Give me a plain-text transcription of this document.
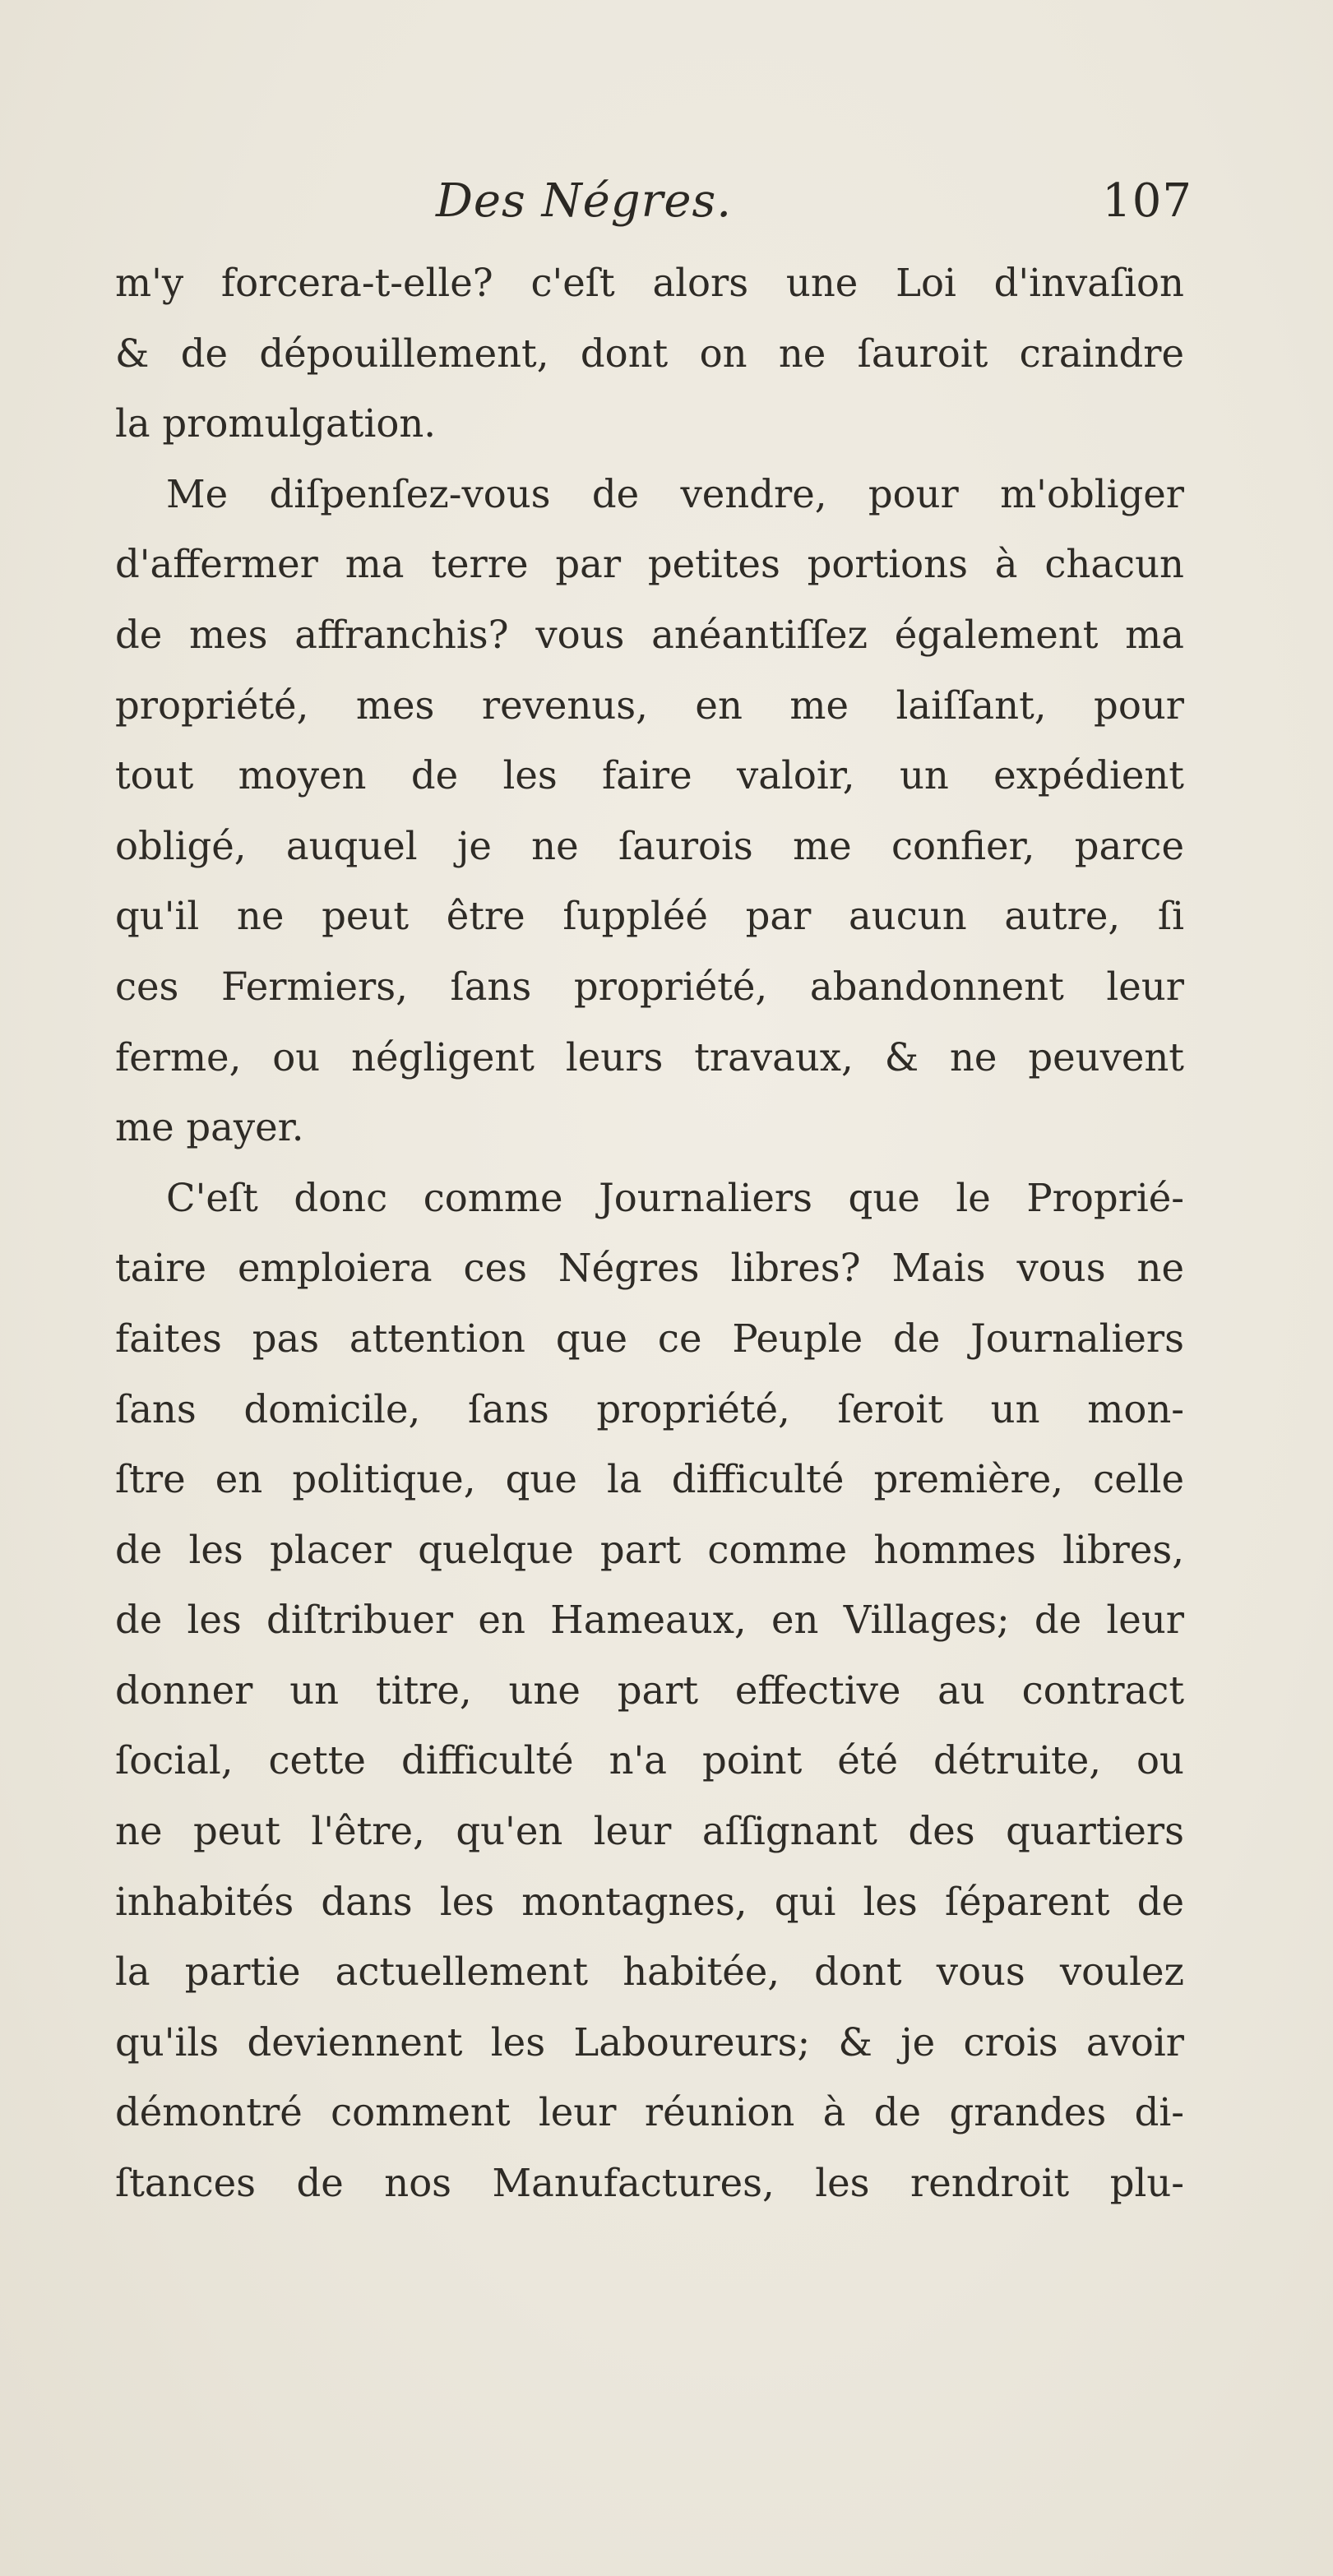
Des Négres.	107
m'y forcera-t-elle? c'eſt alors une Loi d'invaſion
& de dépouillement, dont on ne ſauroit craindre
la promulgation.
Me diſpenſez-vous de vendre, pour m'obliger
d'affermer ma terre par petites portions à chacun
de mes affranchis? vous anéantiſſez également ma
propriété, mes revenus, en me laiſſant, pour
tout moyen de les faire valoir, un expédient
obligé, auquel je ne ſaurois me confier, parce
qu'il ne peut être ſuppléé par aucun autre, ſi
ces Fermiers, ſans propriété, abandonnent leur
ferme, ou négligent leurs travaux, & ne peuvent
me payer.
C'eſt donc comme Journaliers que le Proprié-
taire emploiera ces Négres libres? Mais vous ne
faites pas attention que ce Peuple de Journaliers
ſans domicile, ſans propriété, ſeroit un mon-
ſtre en politique, que la difficulté première, celle
de les placer quelque part comme hommes libres,
de les diſtribuer en Hameaux, en Villages; de leur
donner un titre, une part effective au contract
ſocial, cette difficulté n'a point été détruite, ou
ne peut l'être, qu'en leur aſſignant des quartiers
inhabités dans les montagnes, qui les ſéparent de
la partie actuellement habitée, dont vous voulez
qu'ils deviennent les Laboureurs; & je crois avoir
démontré comment leur réunion à de grandes di-
ſtances de nos Manufactures, les rendroit plu-
